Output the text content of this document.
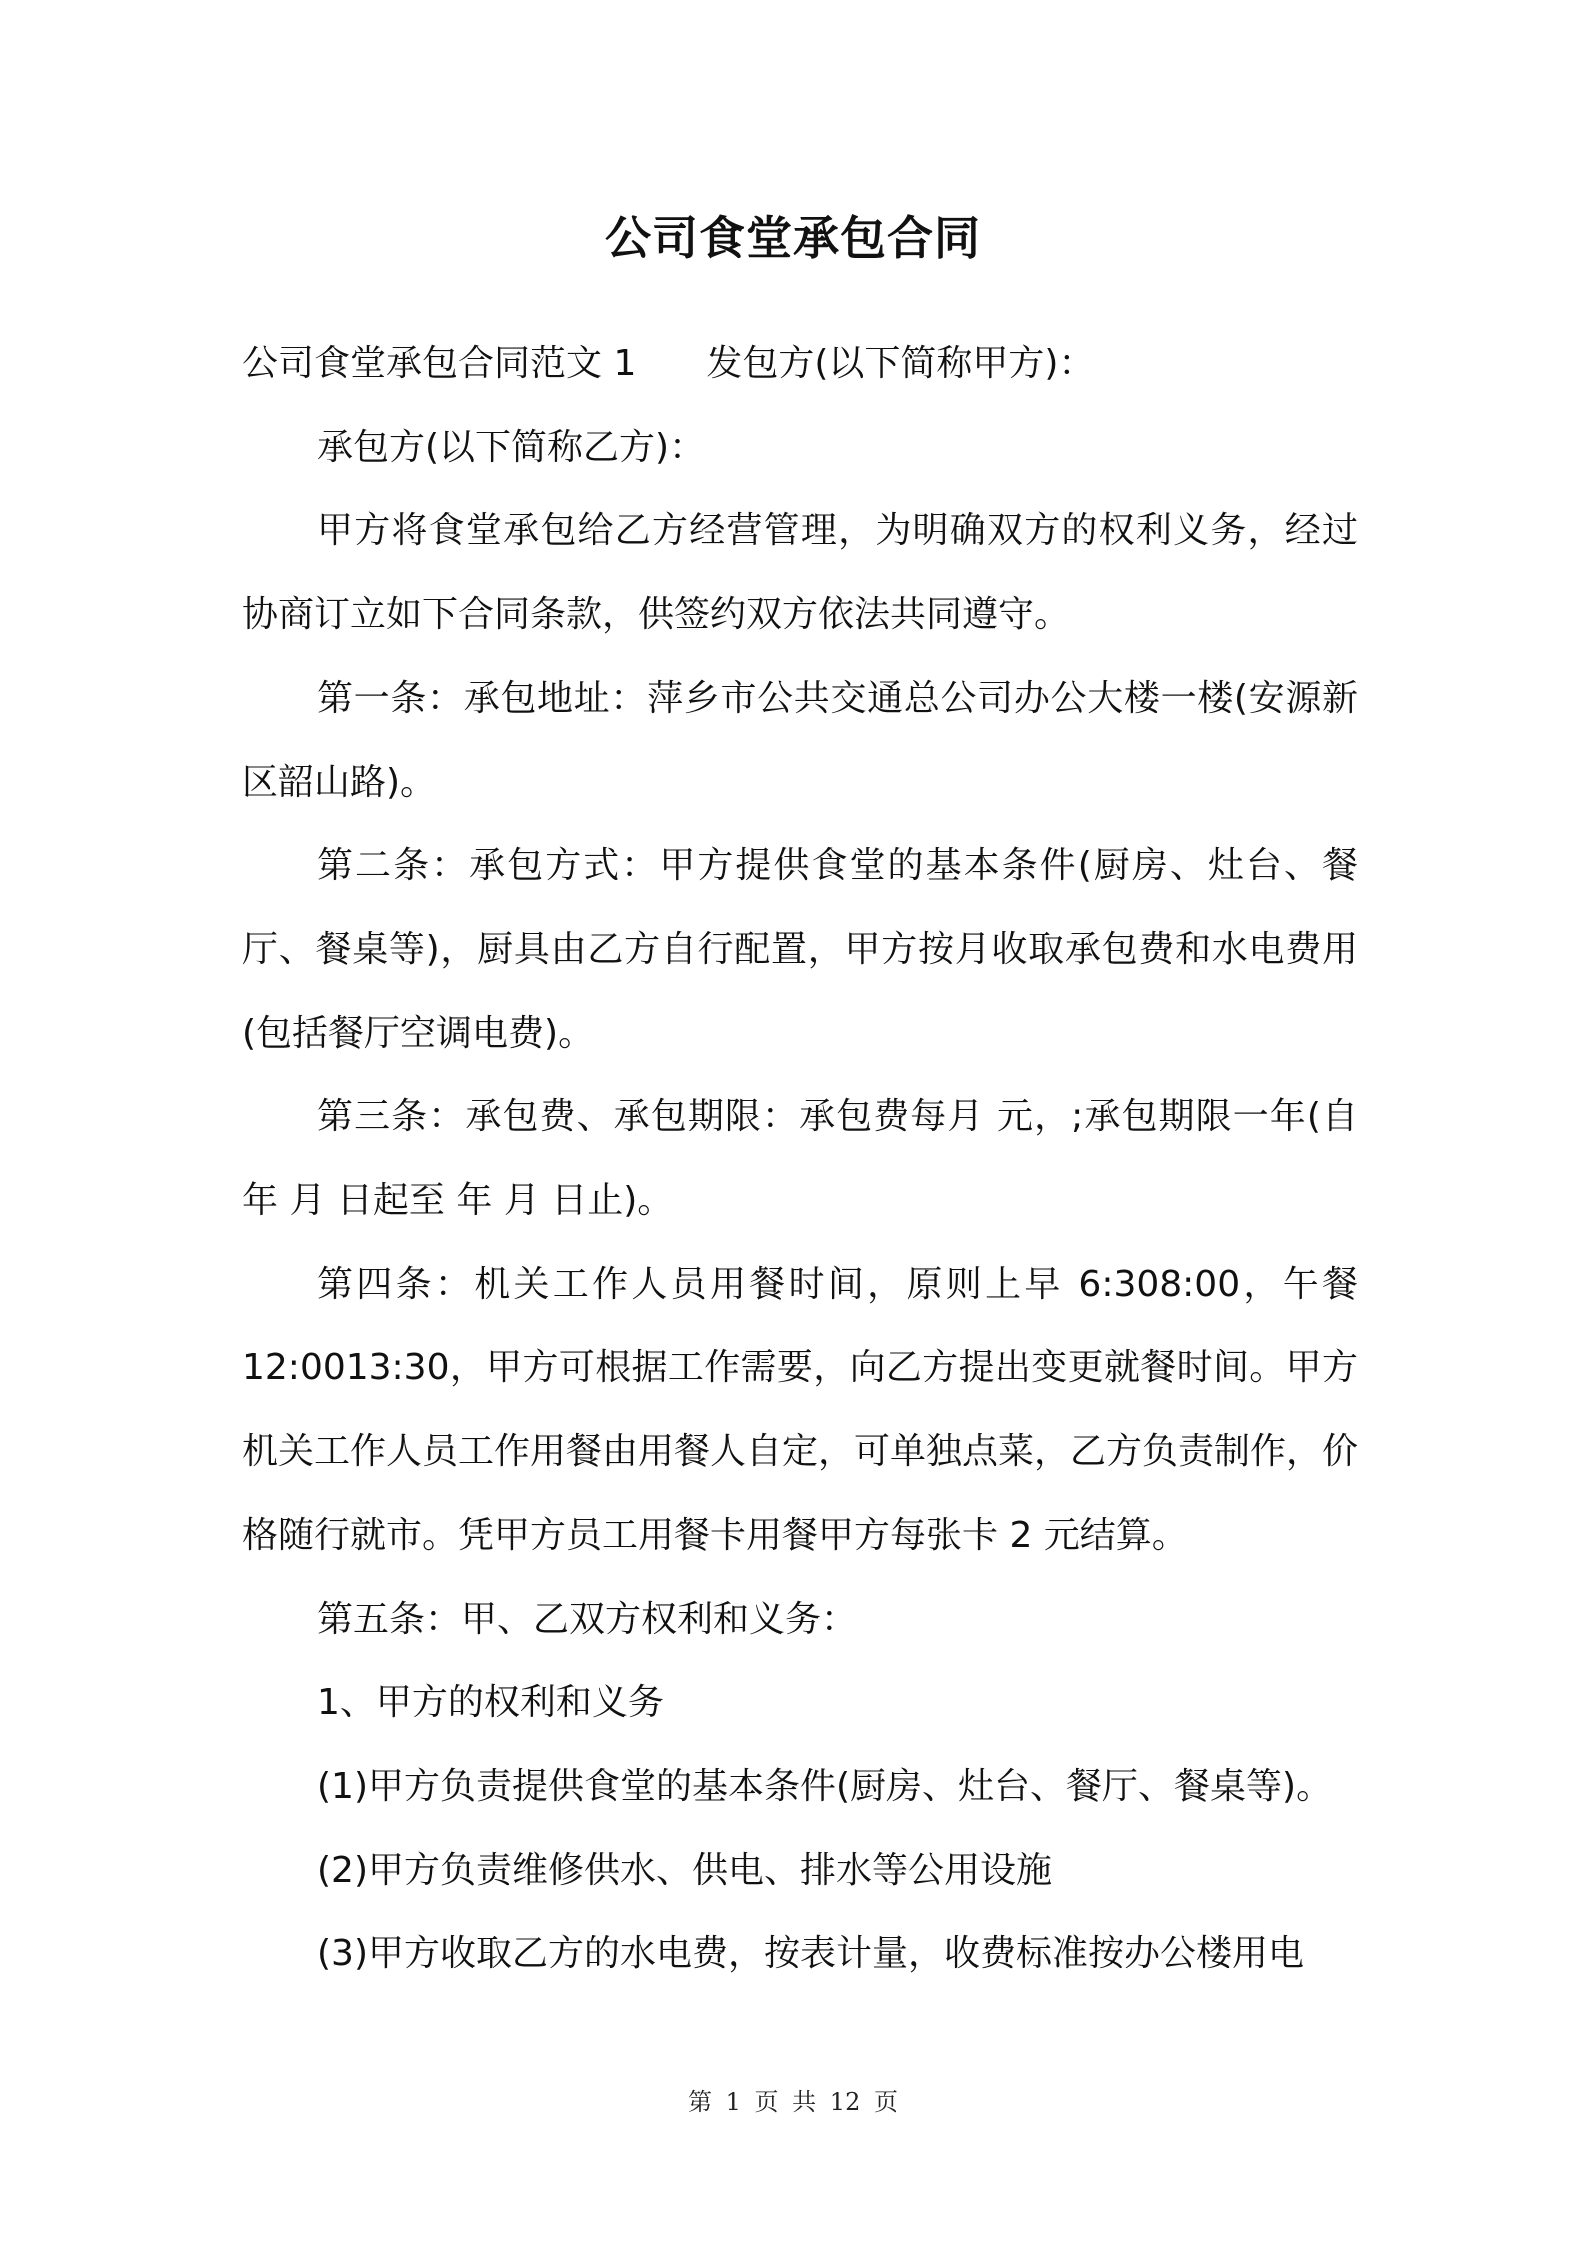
公司食堂承包合同

公司食堂承包合同范文 1 发包方(以下简称甲方)：

承包方(以下简称乙方)：

甲方将食堂承包给乙方经营管理，为明确双方的权利义务，经过协商订立如下合同条款，供签约双方依法共同遵守。

第一条：承包地址：萍乡市公共交通总公司办公大楼一楼(安源新区韶山路)。

第二条：承包方式：甲方提供食堂的基本条件(厨房、灶台、餐厅、餐桌等)，厨具由乙方自行配置，甲方按月收取承包费和水电费用(包括餐厅空调电费)。

第三条：承包费、承包期限：承包费每月 元，;承包期限一年(自 年 月 日起至 年 月 日止)。

第四条：机关工作人员用餐时间，原则上早 6:308:00，午餐 12:0013:30，甲方可根据工作需要，向乙方提出变更就餐时间。甲方机关工作人员工作用餐由用餐人自定，可单独点菜，乙方负责制作，价格随行就市。凭甲方员工用餐卡用餐甲方每张卡 2 元结算。

第五条：甲、乙双方权利和义务：

1、甲方的权利和义务

(1)甲方负责提供食堂的基本条件(厨房、灶台、餐厅、餐桌等)。

(2)甲方负责维修供水、供电、排水等公用设施

(3)甲方收取乙方的水电费，按表计量，收费标准按办公楼用电

第 1 页 共 12 页
